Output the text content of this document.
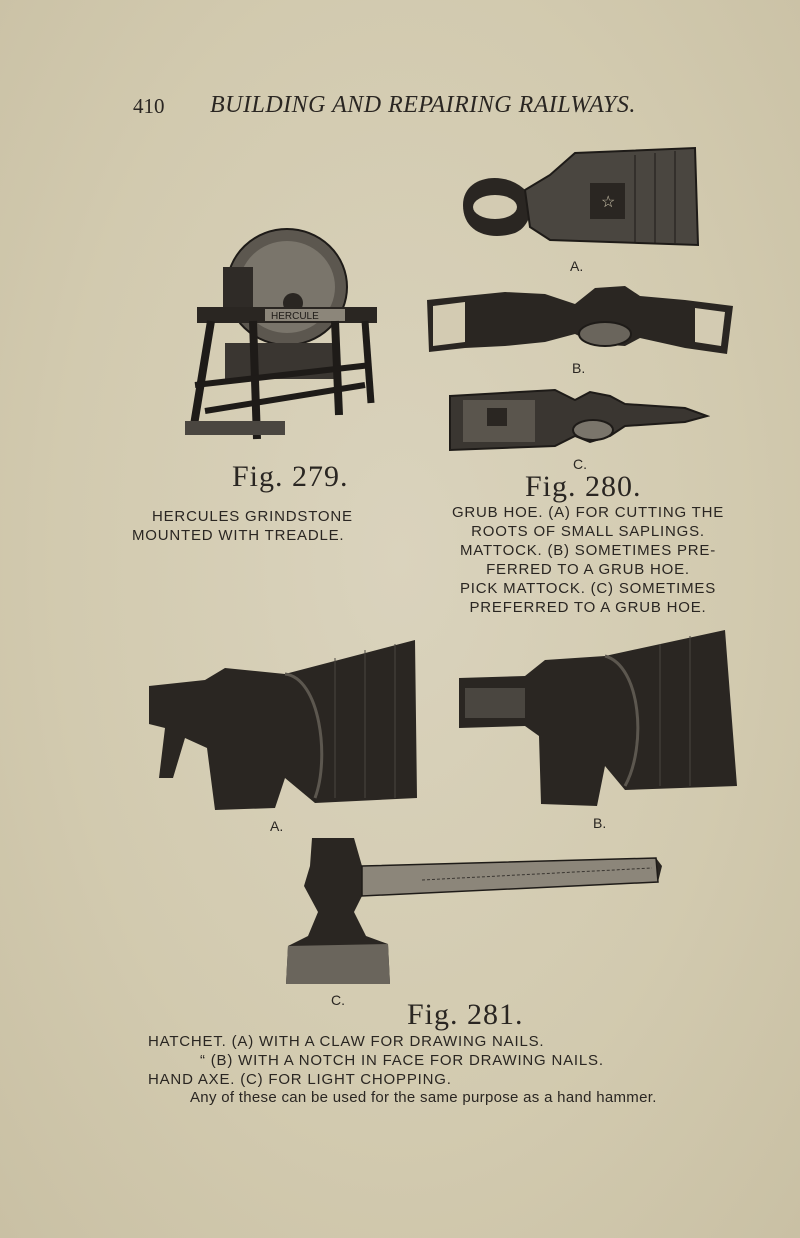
410 BUILDING AND REPAIRING RAILWAYS.
HERCULE
Fig. 279.
HERCULES GRINDSTONE
MOUNTED WITH TREADLE.
☆
A.
B.
C.
Fig. 280.
GRUB HOE. (A) FOR CUTTING THE
ROOTS OF SMALL SAPLINGS.
MATTOCK. (B) SOMETIMES PRE-
FERRED TO A GRUB HOE.
PICK MATTOCK. (C) SOMETIMES
PREFERRED TO A GRUB HOE.
A.	B.
C. Fig. 281.
HATCHET. (A) WITH A CLAW FOR DRAWING NAILS.
“ (B) WITH A NOTCH IN FACE FOR DRAWING NAILS.
HAND AXE. (C) FOR LIGHT CHOPPING.
Any of these can be used for the same purpose as a hand hammer.
